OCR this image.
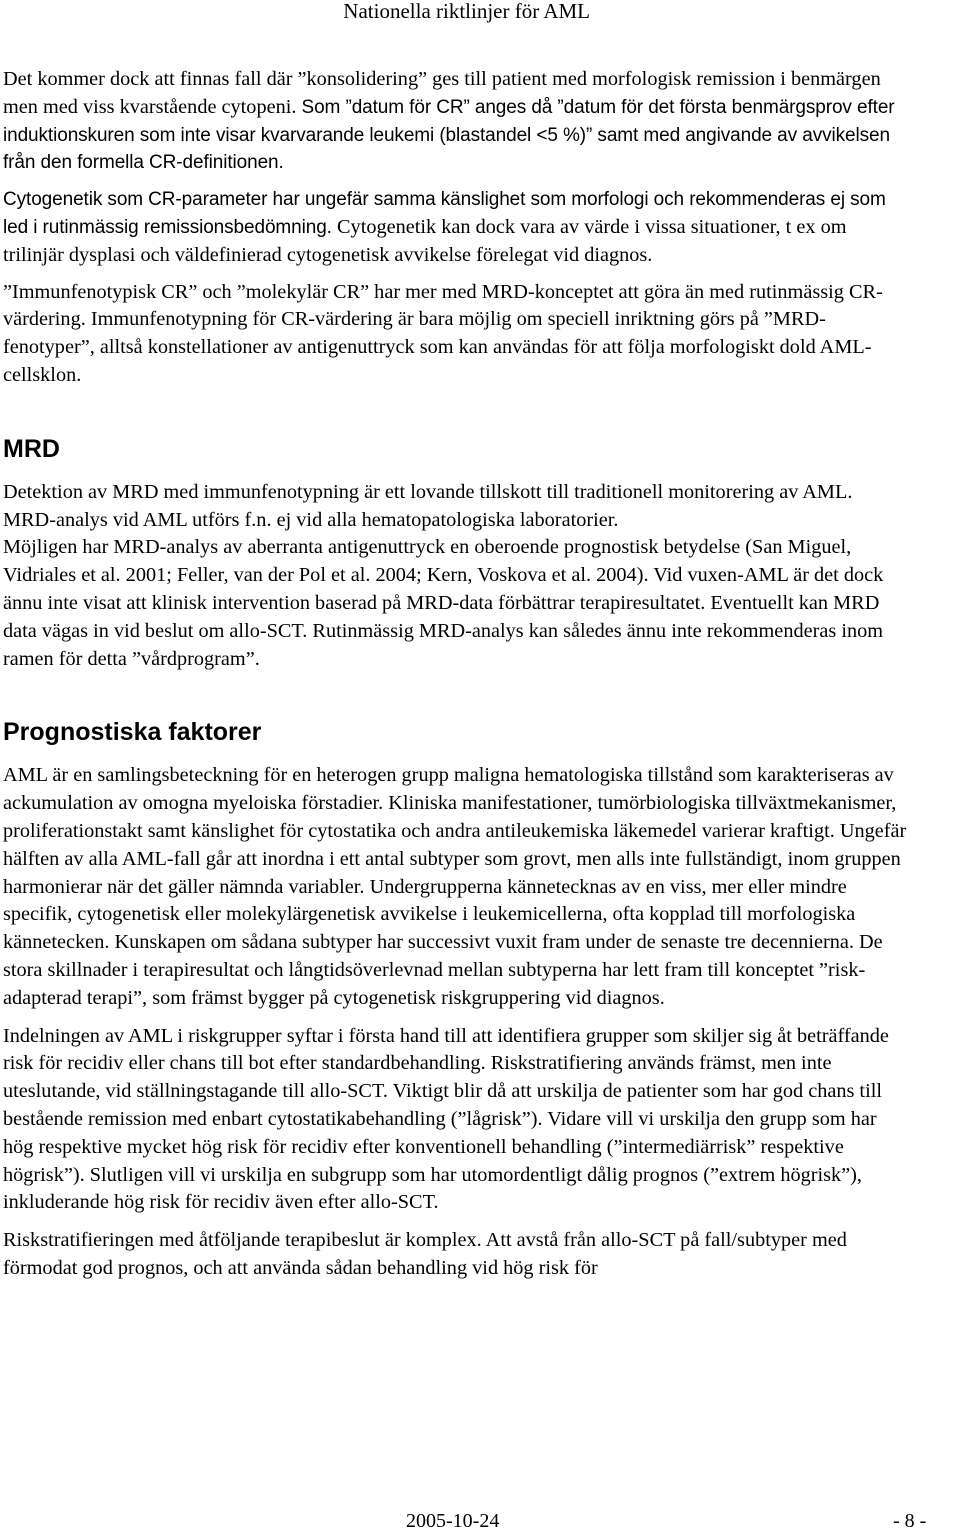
Nationella riktlinjer för AML

Det kommer dock att finnas fall där ”konsolidering” ges till patient med morfologisk remission i benmärgen men med viss kvarstående cytopeni. Som ”datum för CR” anges då ”datum för det första benmärgsprov efter induktionskuren som inte visar kvarvarande leukemi (blastandel <5 %)” samt med angivande av avvikelsen från den formella CR-definitionen.

Cytogenetik som CR-parameter har ungefär samma känslighet som morfologi och rekommenderas ej som led i rutinmässig remissionsbedömning. Cytogenetik kan dock vara av värde i vissa situationer, t ex om trilinjär dysplasi och väldefinierad cytogenetisk avvikelse förelegat vid diagnos.

”Immunfenotypisk CR” och ”molekylär CR” har mer med MRD-konceptet att göra än med rutinmässig CR-värdering. Immunfenotypning för CR-värdering är bara möjlig om speciell inriktning görs på ”MRD-fenotyper”, alltså konstellationer av antigenuttryck som kan användas för att följa morfologiskt dold AML-cellsklon.

MRD

Detektion av MRD med immunfenotypning är ett lovande tillskott till traditionell monitorering av AML. MRD-analys vid AML utförs f.n. ej vid alla hematopatologiska laboratorier.

Möjligen har MRD-analys av aberranta antigenuttryck en oberoende prognostisk betydelse (San Miguel, Vidriales et al. 2001; Feller, van der Pol et al. 2004; Kern, Voskova et al. 2004). Vid vuxen-AML är det dock ännu inte visat att klinisk intervention baserad på MRD-data förbättrar terapiresultatet. Eventuellt kan MRD data vägas in vid beslut om allo-SCT. Rutinmässig MRD-analys kan således ännu inte rekommenderas inom ramen för detta ”vårdprogram”.

Prognostiska faktorer

AML är en samlingsbeteckning för en heterogen grupp maligna hematologiska tillstånd som karakteriseras av ackumulation av omogna myeloiska förstadier. Kliniska manifestationer, tumörbiologiska tillväxtmekanismer, proliferationstakt samt känslighet för cytostatika och andra antileukemiska läkemedel varierar kraftigt. Ungefär hälften av alla AML-fall går att inordna i ett antal subtyper som grovt, men alls inte fullständigt, inom gruppen harmonierar när det gäller nämnda variabler. Undergrupperna kännetecknas av en viss, mer eller mindre specifik, cytogenetisk eller molekylärgenetisk avvikelse i leukemicellerna, ofta kopplad till morfologiska kännetecken. Kunskapen om sådana subtyper har successivt vuxit fram under de senaste tre decennierna. De stora skillnader i terapiresultat och långtidsöverlevnad mellan subtyperna har lett fram till konceptet ”risk-adapterad terapi”, som främst bygger på cytogenetisk riskgruppering vid diagnos.

Indelningen av AML i riskgrupper syftar i första hand till att identifiera grupper som skiljer sig åt beträffande risk för recidiv eller chans till bot efter standardbehandling. Riskstratifiering används främst, men inte uteslutande, vid ställningstagande till allo-SCT. Viktigt blir då att urskilja de patienter som har god chans till bestående remission med enbart cytostatikabehandling (”lågrisk”). Vidare vill vi urskilja den grupp som har hög respektive mycket hög risk för recidiv efter konventionell behandling (”intermediärrisk” respektive högrisk”). Slutligen vill vi urskilja en subgrupp som har utomordentligt dålig prognos (”extrem högrisk”), inkluderande hög risk för recidiv även efter allo-SCT.

Riskstratifieringen med åtföljande terapibeslut är komplex. Att avstå från allo-SCT på fall/subtyper med förmodat god prognos, och att använda sådan behandling vid hög risk för

2005-10-24	- 8 -
